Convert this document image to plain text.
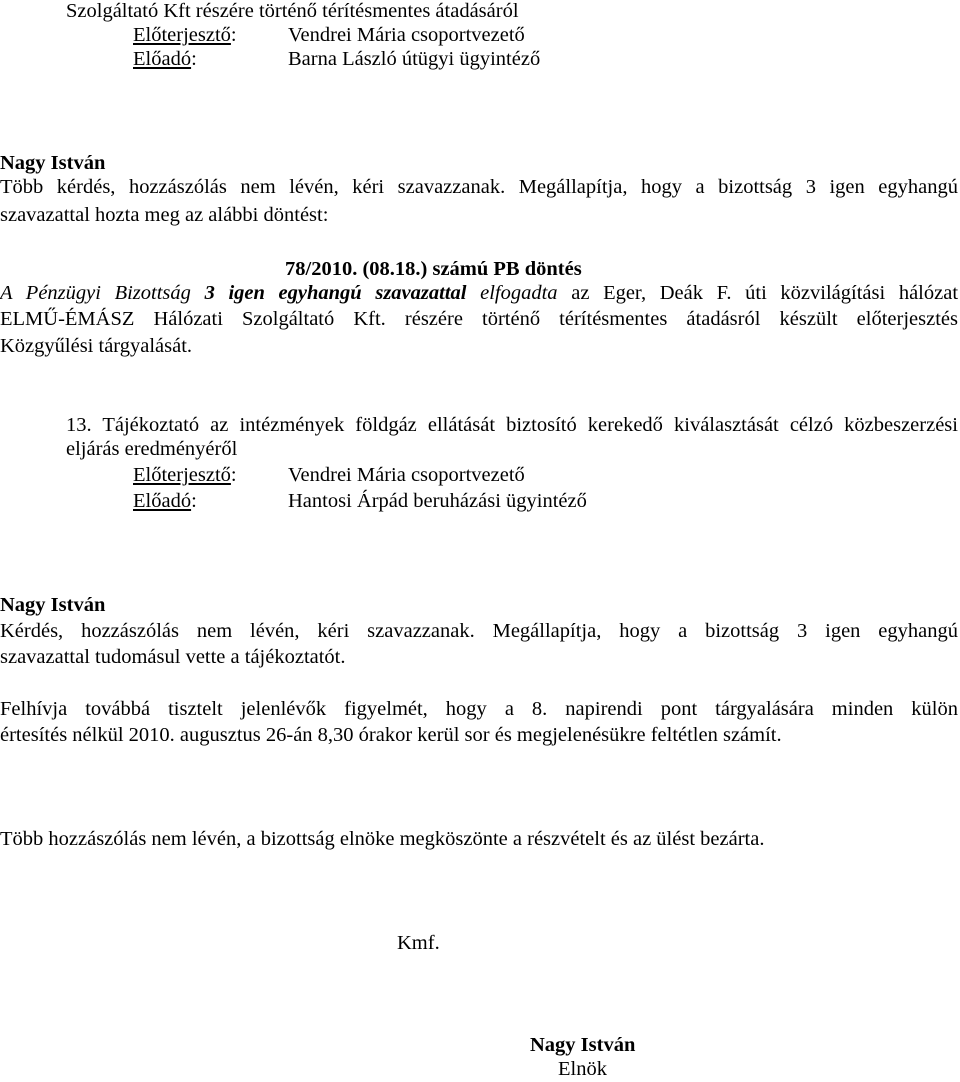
Szolgáltató Kft részére történő térítésmentes átadásáról
Előterjesztő:	Vendrei Mária csoportvezető
Előadó:	Barna László útügyi ügyintéző
Nagy István
Több kérdés, hozzászólás nem lévén, kéri szavazzanak. Megállapítja, hogy a bizottság 3 igen egyhangú
szavazattal hozta meg az alábbi döntést:
78/2010. (08.18.) számú PB döntés
A Pénzügyi Bizottság 3 igen egyhangú szavazattal elfogadta az Eger, Deák F. úti közvilágítási hálózat
ELMŰ-ÉMÁSZ Hálózati Szolgáltató Kft. részére történő térítésmentes átadásról készült előterjesztés
Közgyűlési tárgyalását.
13. Tájékoztató az intézmények földgáz ellátását biztosító kerekedő kiválasztását célzó közbeszerzési
eljárás eredményéről
Előterjesztő:	Vendrei Mária csoportvezető
Előadó:	Hantosi Árpád beruházási ügyintéző
Nagy István
Kérdés, hozzászólás nem lévén, kéri szavazzanak. Megállapítja, hogy a bizottság 3 igen egyhangú
szavazattal tudomásul vette a tájékoztatót.
Felhívja továbbá tisztelt jelenlévők figyelmét, hogy a 8. napirendi pont tárgyalására minden külön
értesítés nélkül 2010. augusztus 26-án 8,30 órakor kerül sor és megjelenésükre feltétlen számít.
Több hozzászólás nem lévén, a bizottság elnöke megköszönte a részvételt és az ülést bezárta.
Kmf.
Nagy István
Elnök
